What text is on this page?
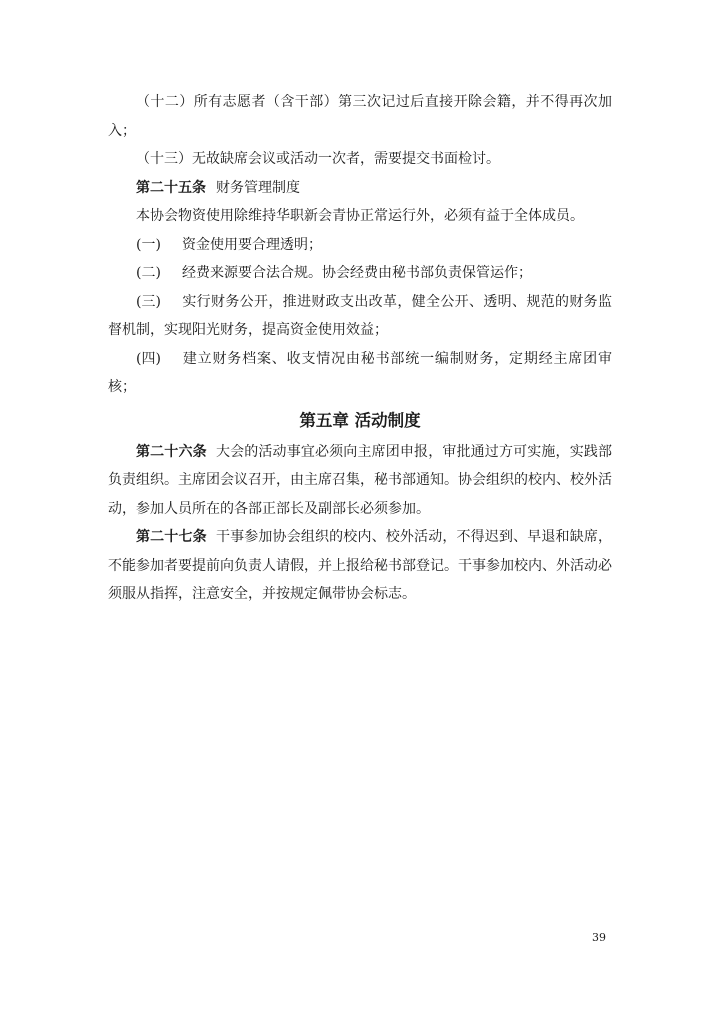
（十二）所有志愿者（含干部）第三次记过后直接开除会籍，并不得再次加入；

（十三）无故缺席会议或活动一次者，需要提交书面检讨。

第二十五条 财务管理制度

本协会物资使用除维持华职新会青协正常运行外，必须有益于全体成员。

(一) 资金使用要合理透明；

(二) 经费来源要合法合规。协会经费由秘书部负责保管运作；

(三) 实行财务公开，推进财政支出改革，健全公开、透明、规范的财务监督机制，实现阳光财务，提高资金使用效益；

(四) 建立财务档案、收支情况由秘书部统一编制财务，定期经主席团审核；

第五章 活动制度

第二十六条 大会的活动事宜必须向主席团申报，审批通过方可实施，实践部负责组织。主席团会议召开，由主席召集，秘书部通知。协会组织的校内、校外活动，参加人员所在的各部正部长及副部长必须参加。

第二十七条 干事参加协会组织的校内、校外活动，不得迟到、早退和缺席，不能参加者要提前向负责人请假，并上报给秘书部登记。干事参加校内、外活动必须服从指挥，注意安全，并按规定佩带协会标志。

39
